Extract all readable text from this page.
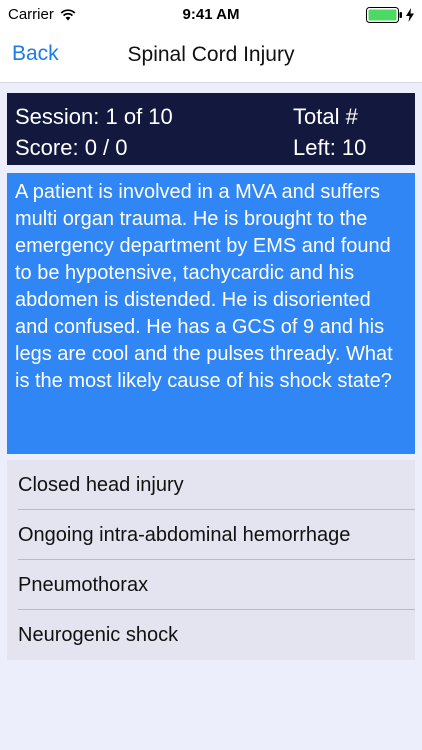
Carrier	9:41 AM
Back	Spinal Cord Injury
Session: 1 of 10
Score: 0 / 0
Total #
Left: 10
A patient is involved in a MVA and suffers multi organ trauma. He is brought to the emergency department by EMS and found to be hypotensive, tachycardic and his abdomen is distended. He is disoriented and confused. He has a GCS of 9 and his legs are cool and the pulses thready. What is the most likely cause of his shock state?
Closed head injury
Ongoing intra-abdominal hemorrhage
Pneumothorax
Neurogenic shock
